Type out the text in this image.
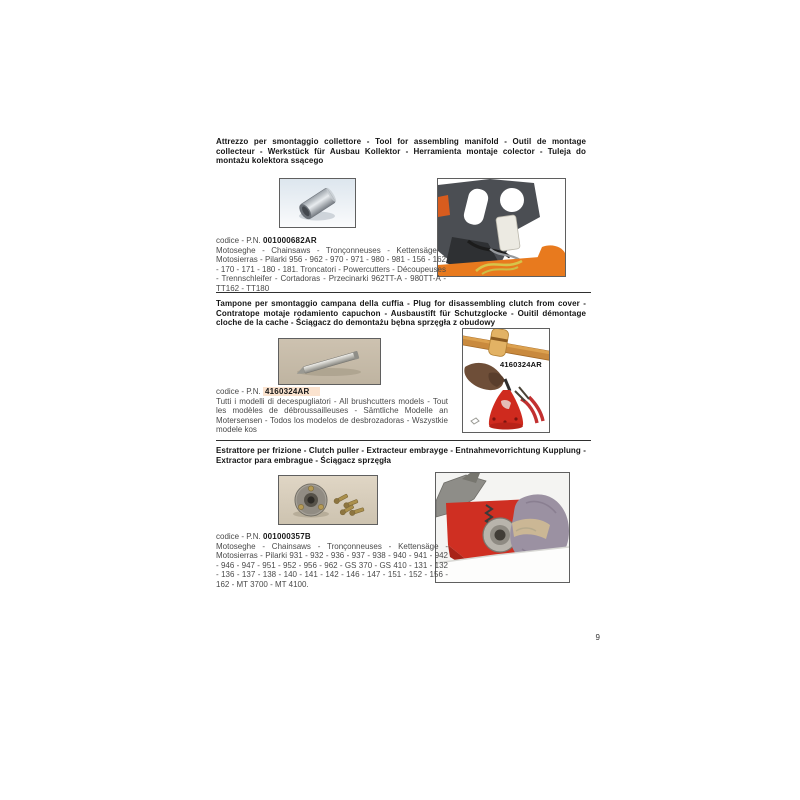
Attrezzo per smontaggio collettore - Tool for assembling manifold - Outil de montage collecteur - Werkstück für Ausbau Kollektor - Herramienta montaje colector - Tuleja do montażu kolektora ssącego
codice - P.N. 001000682AR
Motoseghe - Chainsaws - Tronçonneuses - Kettensäge - Motosierras - Pilarki 956 - 962 - 970 - 971 - 980 - 981 - 156 - 162 - 170 - 171 - 180 - 181. Troncatori - Powercutters - Découpeuses - Trennschleifer - Cortadoras - Przecinarki 962TT-A - 980TT-A - TT162 - TT180
Tampone per smontaggio campana della cuffia - Plug for disassembling clutch from cover - Contratope motaje rodamiento capuchon - Ausbaustift für Schutzglocke - Ouitil démontage cloche de la cache - Ściągacz do demontażu bębna sprzęgła z obudowy
4160324AR
codice - P.N. 4160324AR
Tutti i modelli di decespugliatori - All brushcutters models - Tout les modèles de débroussailleuses - Sämtliche Modelle an Motersensen - Todos los modelos de desbrozadoras - Wszystkie modele kos
Estrattore per frizione - Clutch puller - Extracteur embrayge - Entnahmevorrichtung Kupplung - Extractor para embrague - Ściągacz sprzęgła
codice - P.N. 001000357B
Motoseghe - Chainsaws - Tronçonneuses - Kettensäge - Motosierras - Pilarki 931 - 932 - 936 - 937 - 938 - 940 - 941 - 942 - 946 - 947 - 951 - 952 - 956 - 962 - GS 370 - GS 410 - 131 - 132 - 136 - 137 - 138 - 140 - 141 - 142 - 146 - 147 - 151 - 152 - 156 - 162 - MT 3700 - MT 4100.
9
